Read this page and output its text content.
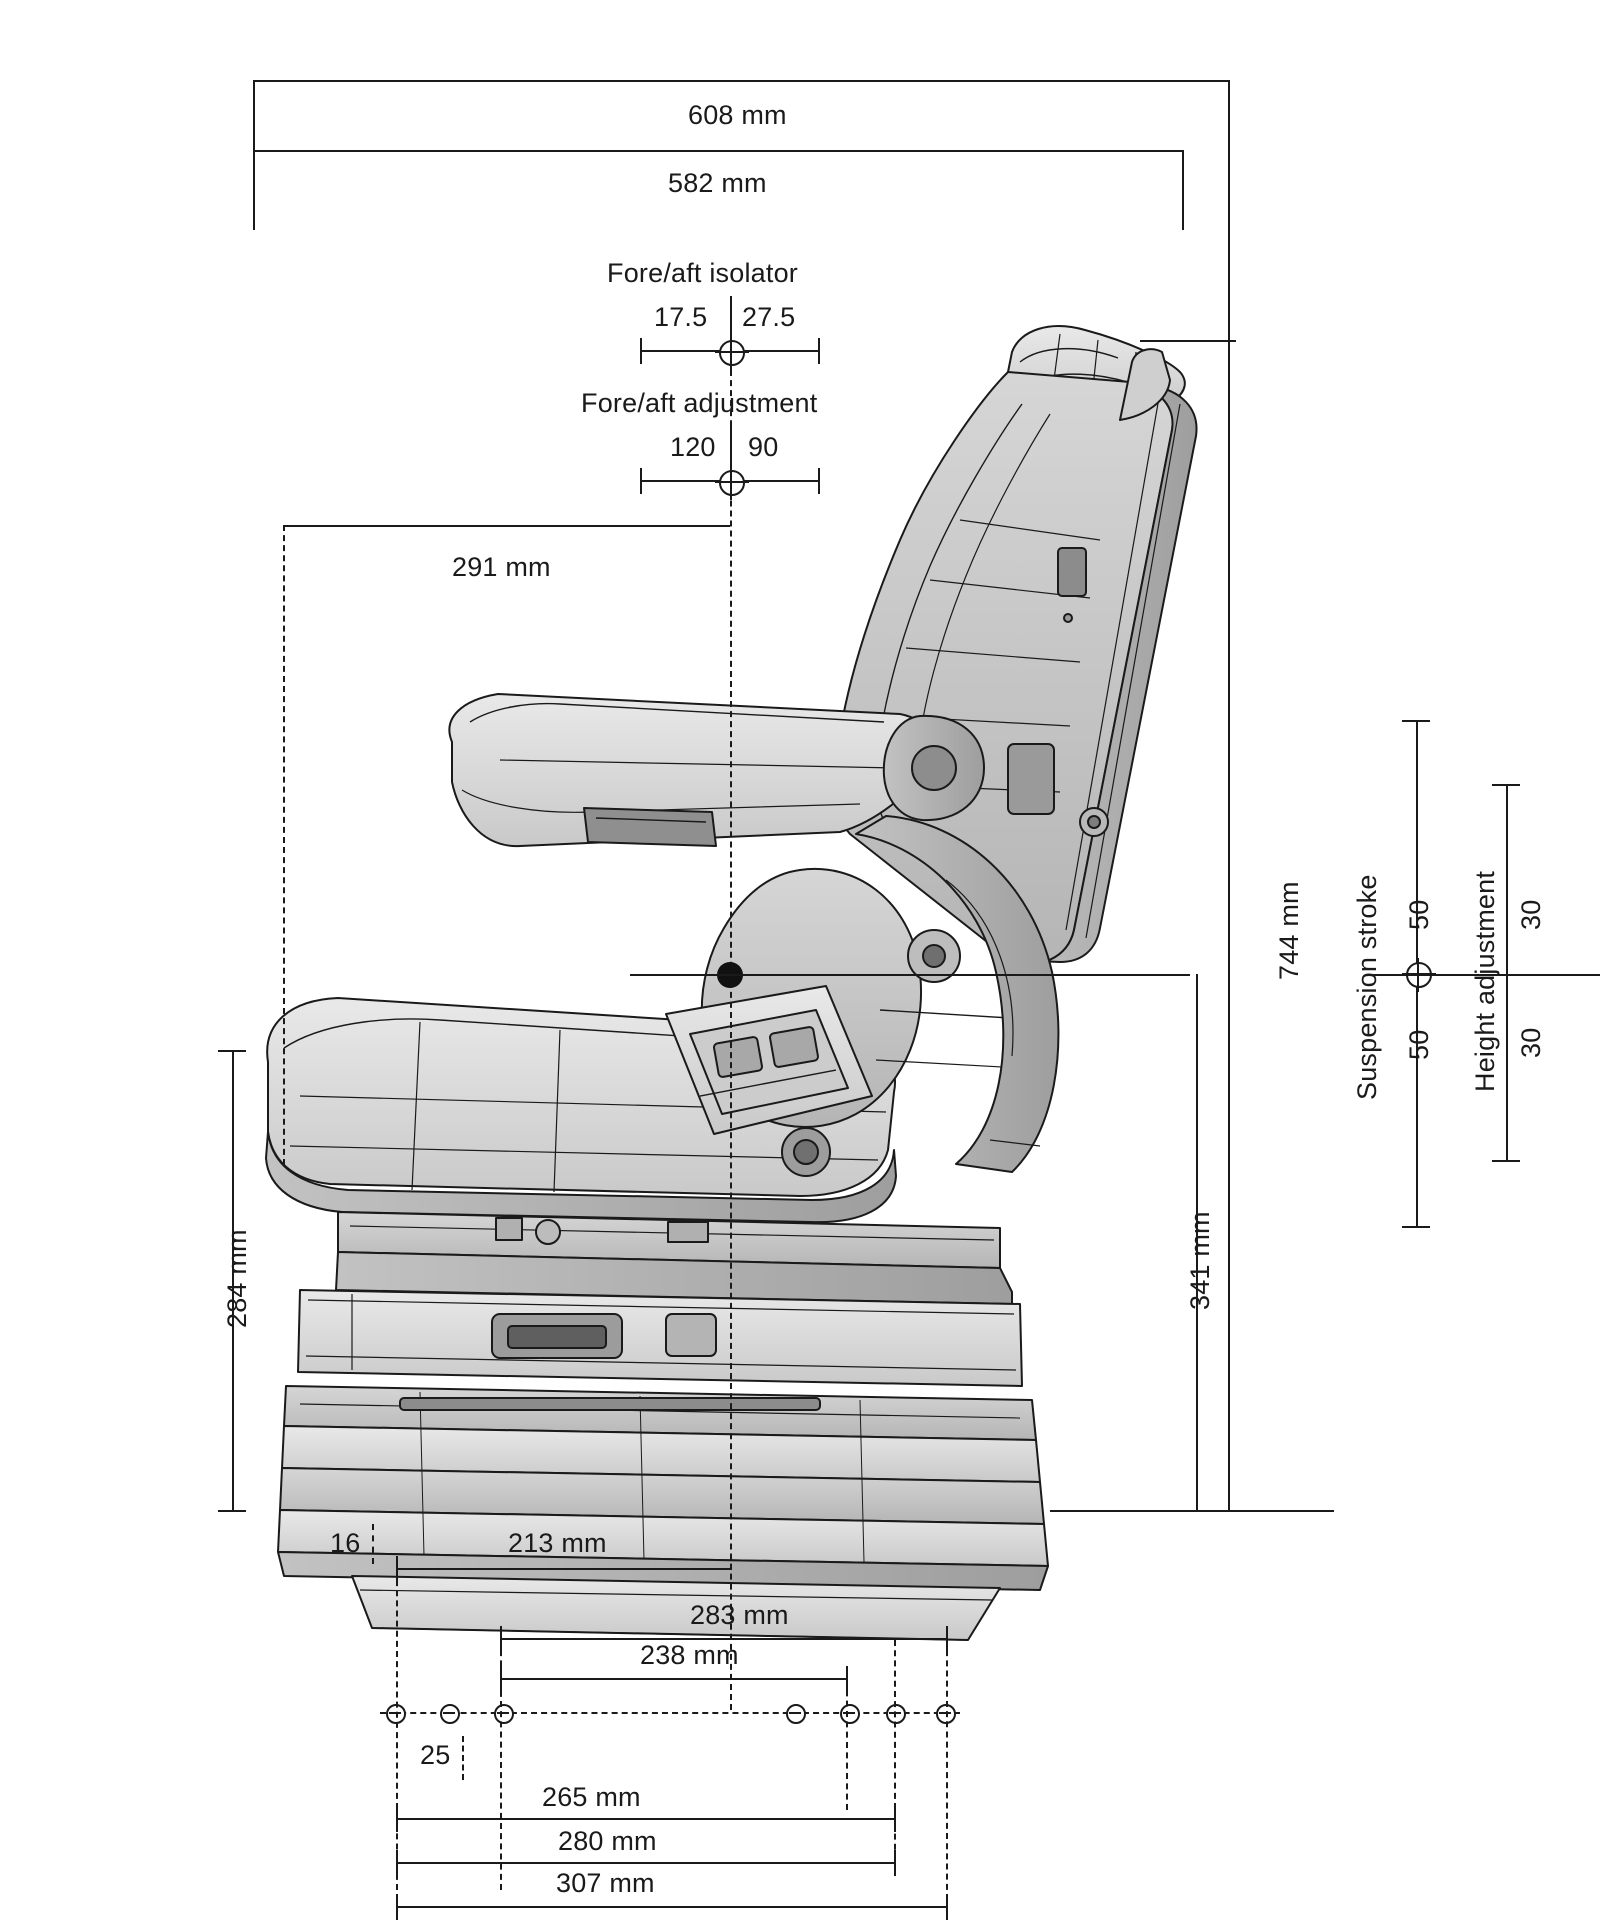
608 mm
582 mm
Fore/aft isolator
17.5 27.5
Fore/aft adjustment
120 90
291 mm
744 mm
341 mm
284 mm
Suspension stroke 50
50 Height adjustment 30
30
16
25
213 mm
283 mm
238 mm
265 mm
280 mm
307 mm
